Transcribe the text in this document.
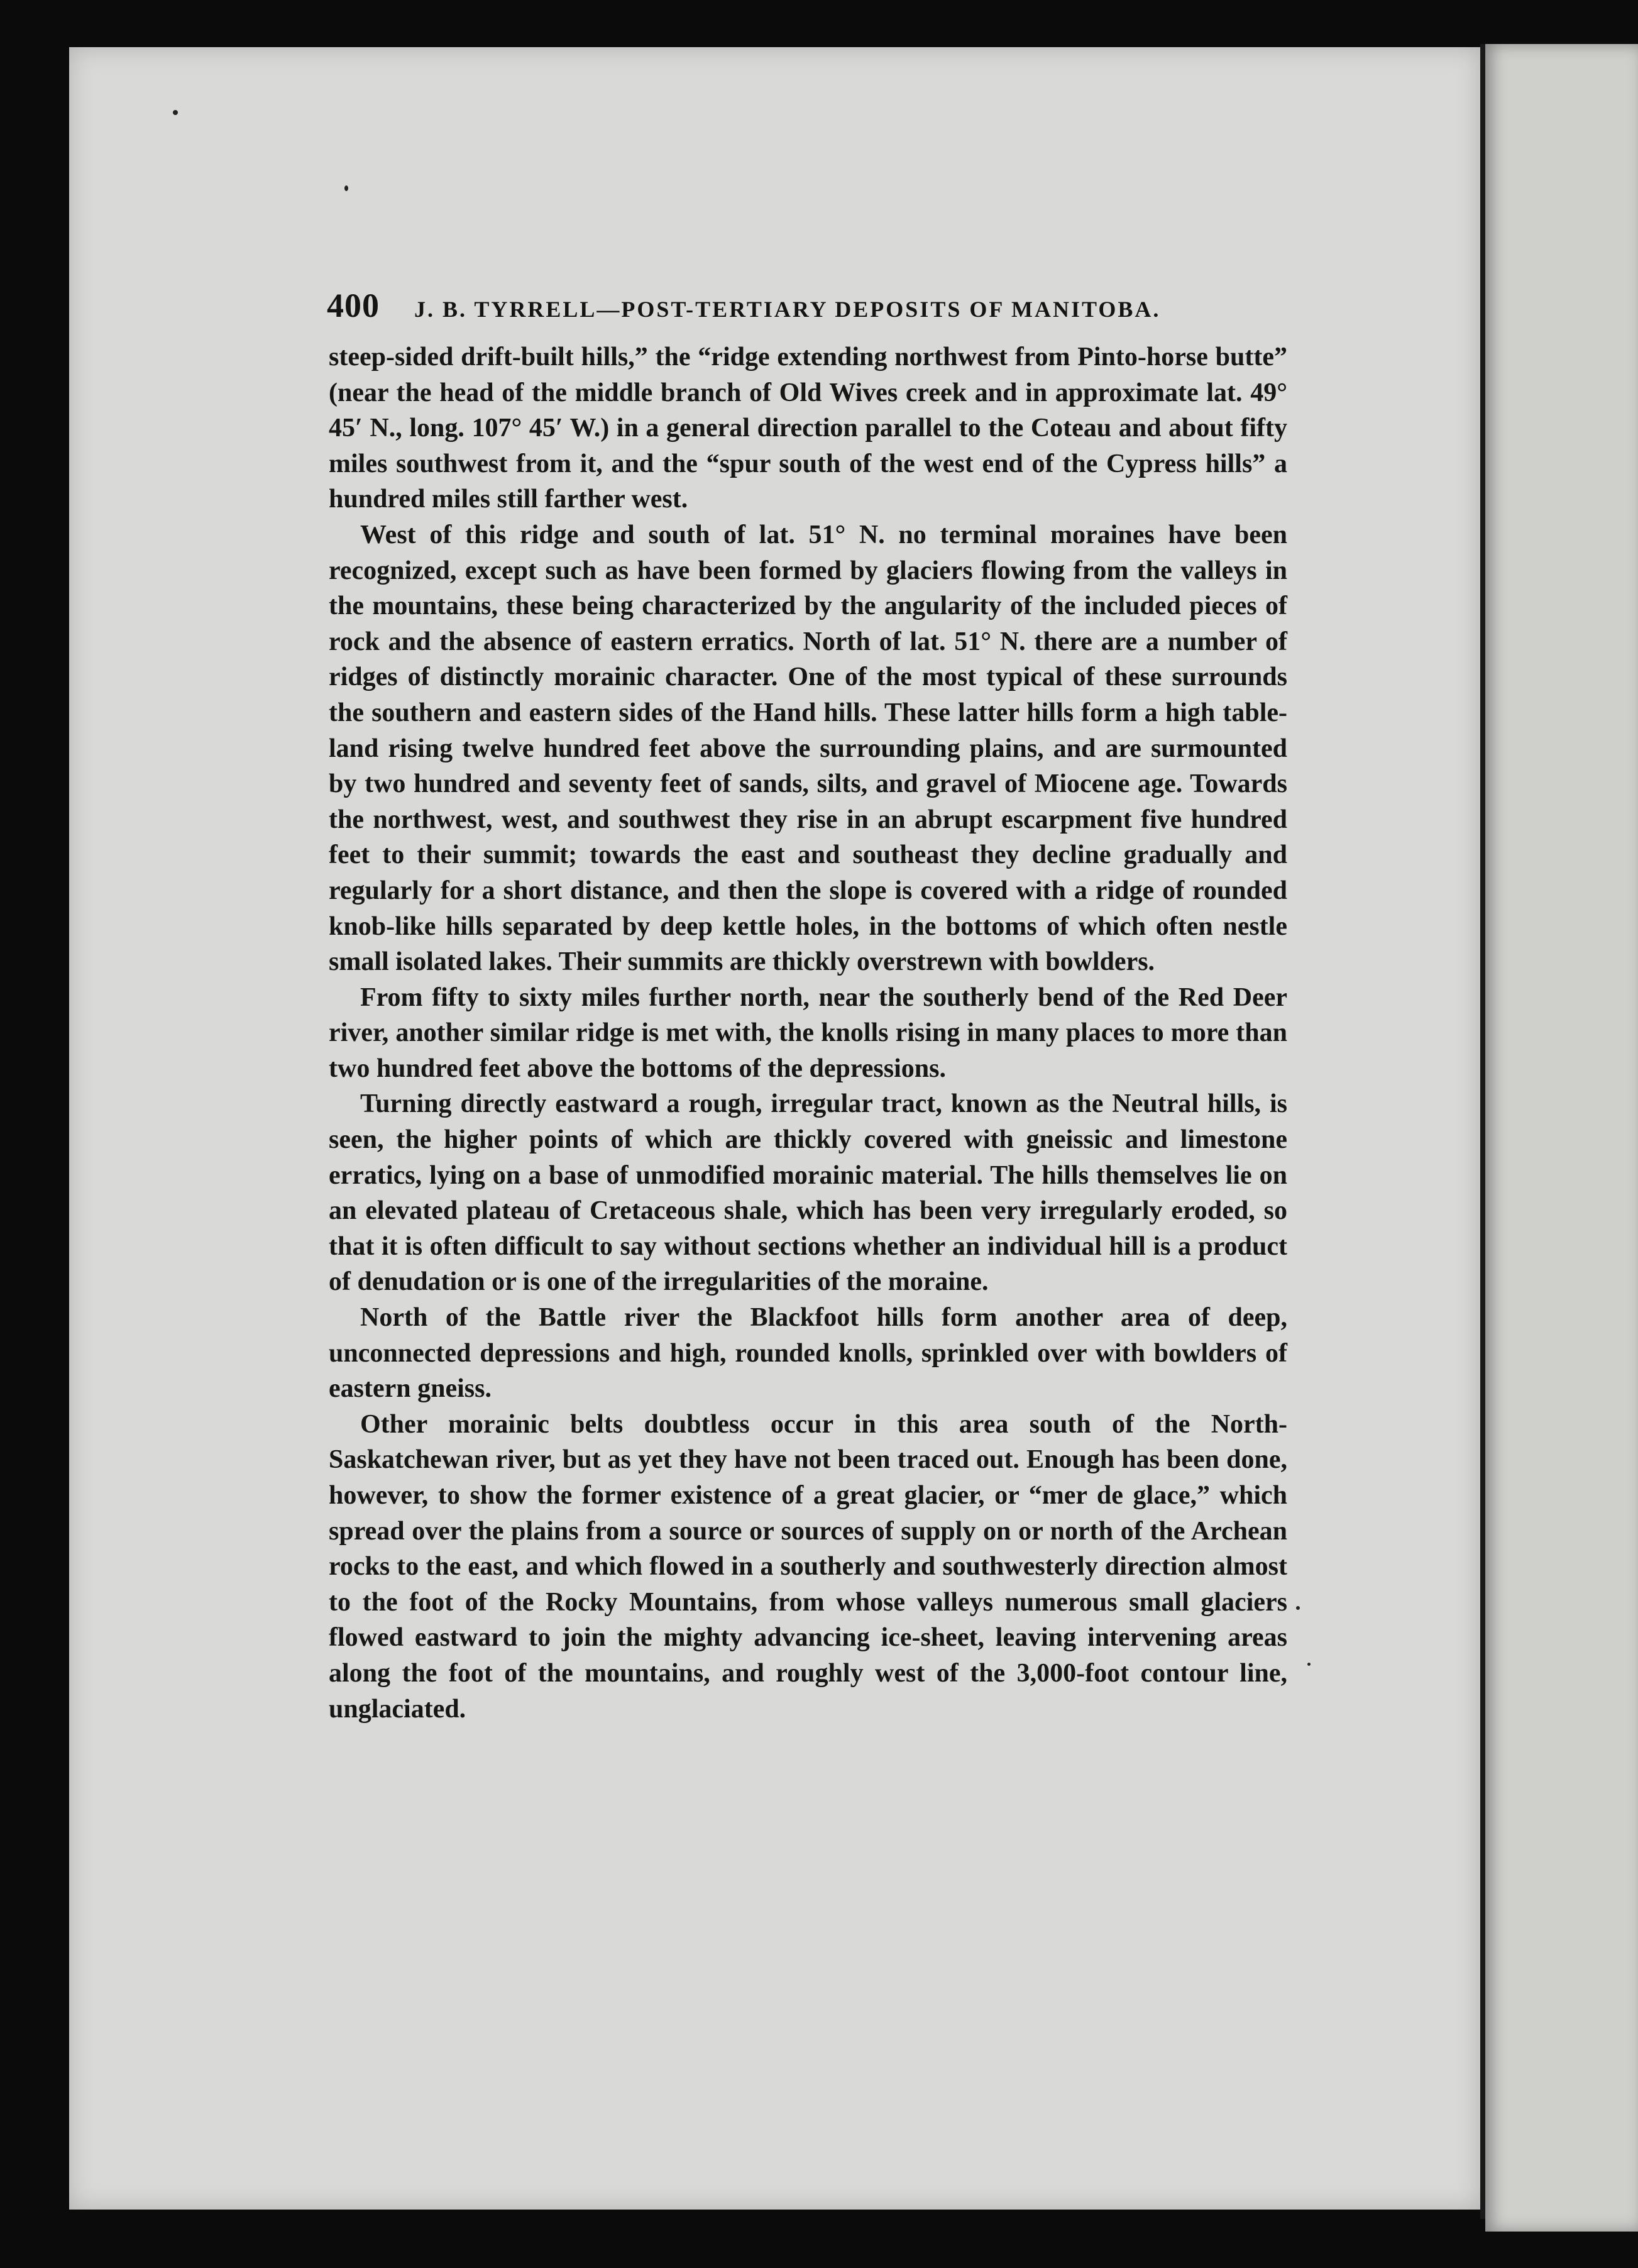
400 J. B. TYRRELL—POST-TERTIARY DEPOSITS OF MANITOBA.

steep-sided drift-built hills,” the “ridge extending northwest from Pinto-horse butte” (near the head of the middle branch of Old Wives creek and in approximate lat. 49° 45′ N., long. 107° 45′ W.) in a general direction parallel to the Coteau and about fifty miles southwest from it, and the “spur south of the west end of the Cypress hills” a hundred miles still farther west.

West of this ridge and south of lat. 51° N. no terminal moraines have been recognized, except such as have been formed by glaciers flowing from the valleys in the mountains, these being characterized by the angularity of the included pieces of rock and the absence of eastern erratics. North of lat. 51° N. there are a number of ridges of distinctly morainic character. One of the most typical of these surrounds the southern and eastern sides of the Hand hills. These latter hills form a high table-land rising twelve hundred feet above the surrounding plains, and are surmounted by two hundred and seventy feet of sands, silts, and gravel of Miocene age. Towards the northwest, west, and southwest they rise in an abrupt escarpment five hundred feet to their summit; towards the east and southeast they decline gradually and regularly for a short distance, and then the slope is covered with a ridge of rounded knob-like hills separated by deep kettle holes, in the bottoms of which often nestle small isolated lakes. Their summits are thickly overstrewn with bowlders.

From fifty to sixty miles further north, near the southerly bend of the Red Deer river, another similar ridge is met with, the knolls rising in many places to more than two hundred feet above the bottoms of the depressions.

Turning directly eastward a rough, irregular tract, known as the Neutral hills, is seen, the higher points of which are thickly covered with gneissic and limestone erratics, lying on a base of unmodified morainic material. The hills themselves lie on an elevated plateau of Cretaceous shale, which has been very irregularly eroded, so that it is often difficult to say without sections whether an individual hill is a product of denudation or is one of the irregularities of the moraine.

North of the Battle river the Blackfoot hills form another area of deep, unconnected depressions and high, rounded knolls, sprinkled over with bowlders of eastern gneiss.

Other morainic belts doubtless occur in this area south of the North-Saskatchewan river, but as yet they have not been traced out. Enough has been done, however, to show the former existence of a great glacier, or “mer de glace,” which spread over the plains from a source or sources of supply on or north of the Archean rocks to the east, and which flowed in a southerly and southwesterly direction almost to the foot of the Rocky Mountains, from whose valleys numerous small glaciers flowed eastward to join the mighty advancing ice-sheet, leaving intervening areas along the foot of the mountains, and roughly west of the 3,000-foot contour line, unglaciated.
